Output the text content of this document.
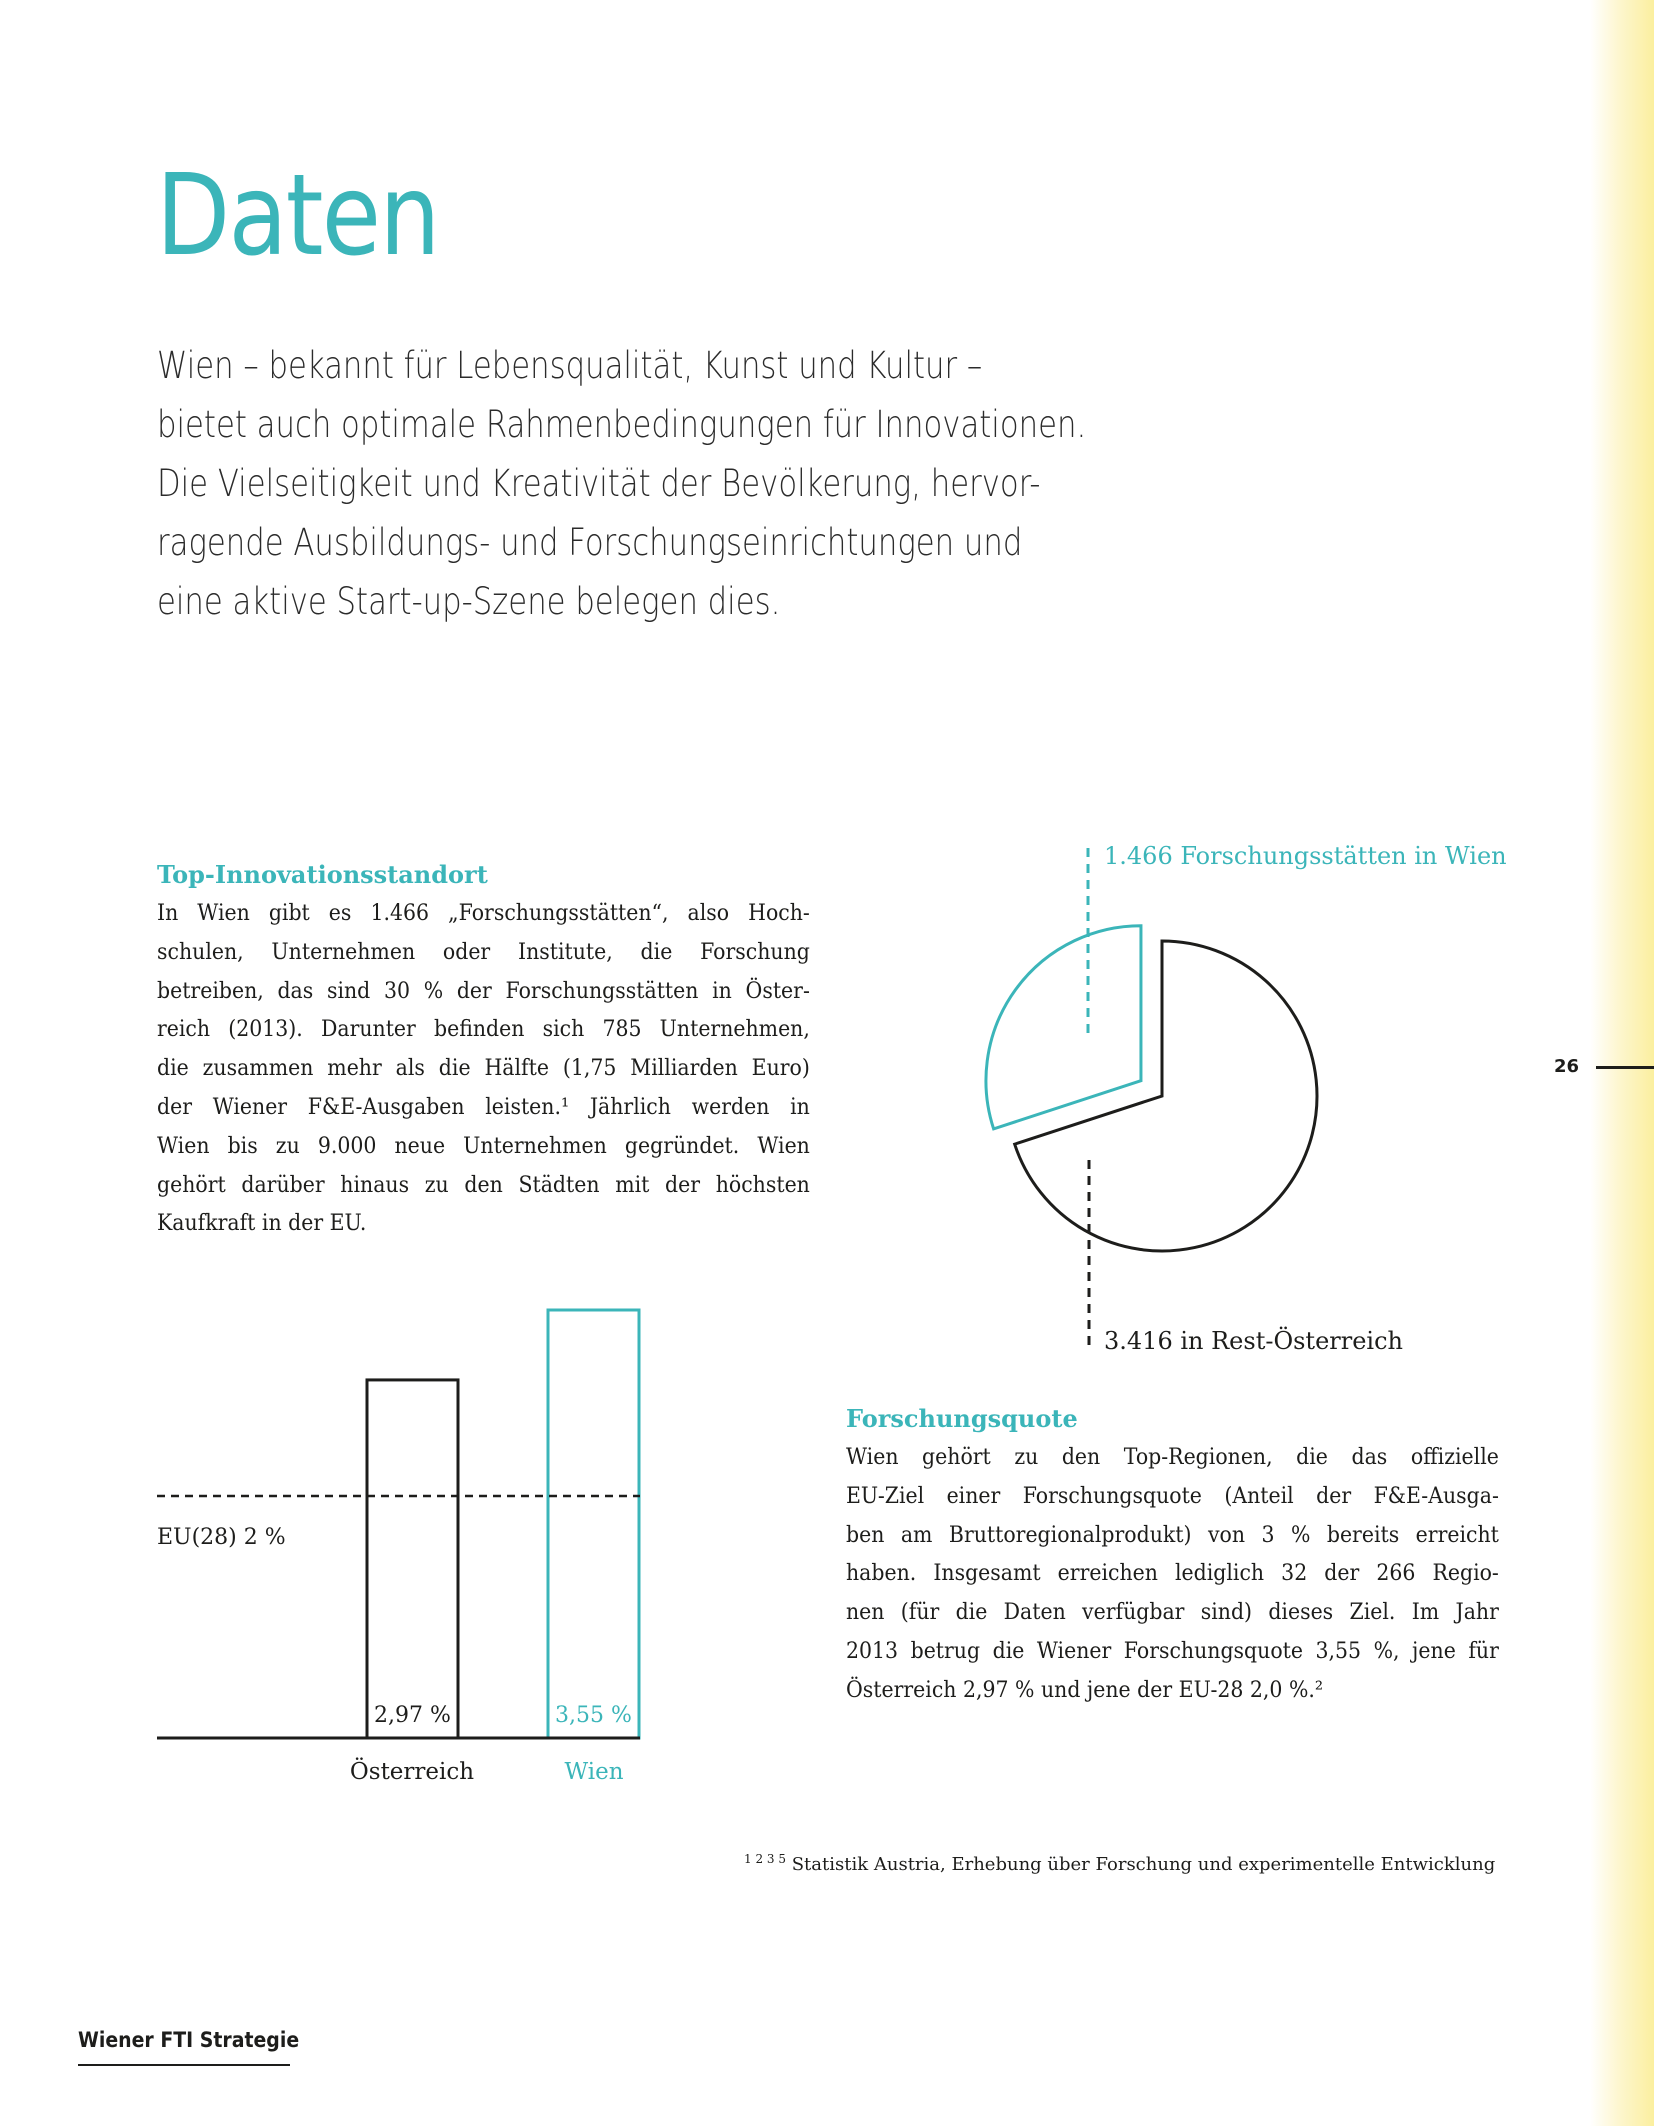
Daten
Wien – bekannt für Lebensqualität, Kunst und Kultur –
bietet auch optimale Rahmenbedingungen für Innovationen.
Die Vielseitigkeit und Kreativität der Bevölkerung, hervor-
ragende Ausbildungs- und Forschungseinrichtungen und
eine aktive Start-up-Szene belegen dies.
Top-Innovationsstandort
In Wien gibt es 1.466 „Forschungsstätten“, also Hoch-
schulen, Unternehmen oder Institute, die Forschung
betreiben, das sind 30 % der Forschungsstätten in Öster-
reich (2013). Darunter befinden sich 785 Unternehmen,
die zusammen mehr als die Hälfte (1,75 Milliarden Euro)
der Wiener F&E-Ausgaben leisten.¹ Jährlich werden in
Wien bis zu 9.000 neue Unternehmen gegründet. Wien
gehört darüber hinaus zu den Städten mit der höchsten
Kaufkraft in der EU.
Forschungsquote
Wien gehört zu den Top-Regionen, die das offizielle
EU-Ziel einer Forschungsquote (Anteil der F&E-Ausga-
ben am Bruttoregionalprodukt) von 3 % bereits erreicht
haben. Insgesamt erreichen lediglich 32 der 266 Regio-
nen (für die Daten verfügbar sind) dieses Ziel. Im Jahr
2013 betrug die Wiener Forschungsquote 3,55 %, jene für
Österreich 2,97 % und jene der EU-28 2,0 %.²
1.466 Forschungsstätten in Wien
3.416 in Rest-Österreich
EU(28) 2 %
2,97 %	3,55 %
Österreich	Wien
$^{1 2 3 5}$ Statistik Austria, Erhebung über Forschung und experimentelle Entwicklung
26
Wiener FTI Strategie
